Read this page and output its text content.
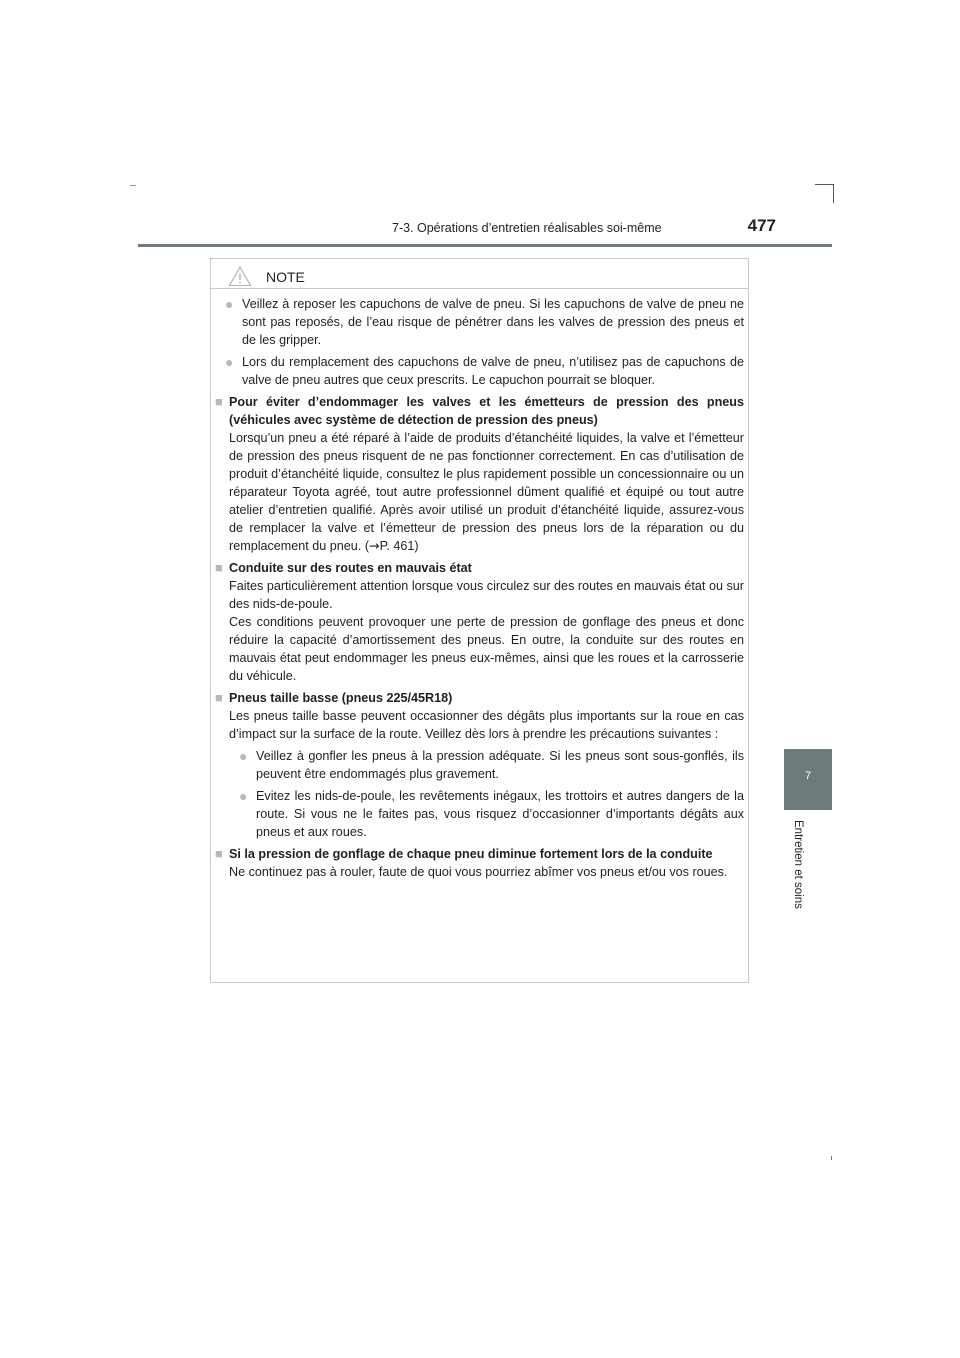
7-3. Opérations d’entretien réalisables soi-même	477
7
Entretien et soins
NOTE
● Veillez à reposer les capuchons de valve de pneu. Si les capuchons de valve de pneu ne sont pas reposés, de l’eau risque de pénétrer dans les valves de pression des pneus et de les gripper.

● Lors du remplacement des capuchons de valve de pneu, n’utilisez pas de capuchons de valve de pneu autres que ceux prescrits. Le capuchon pourrait se bloquer.

■ Pour éviter d’endommager les valves et les émetteurs de pression des pneus (véhicules avec système de détection de pression des pneus)

Lorsqu’un pneu a été réparé à l’aide de produits d’étanchéité liquides, la valve et l’émetteur de pression des pneus risquent de ne pas fonctionner correctement. En cas d’utilisation de produit d’étanchéité liquide, consultez le plus rapidement possible un concessionnaire ou un réparateur Toyota agréé, tout autre professionnel dûment qualifié et équipé ou tout autre atelier d’entretien qualifié. Après avoir utilisé un produit d’étanchéité liquide, assurez-vous de remplacer la valve et l’émetteur de pression des pneus lors de la réparation ou du remplacement du pneu. (→P. 461)

■ Conduite sur des routes en mauvais état

Faites particulièrement attention lorsque vous circulez sur des routes en mauvais état ou sur des nids-de-poule.

Ces conditions peuvent provoquer une perte de pression de gonflage des pneus et donc réduire la capacité d’amortissement des pneus. En outre, la conduite sur des routes en mauvais état peut endommager les pneus eux-mêmes, ainsi que les roues et la carrosserie du véhicule.

■ Pneus taille basse (pneus 225/45R18)

Les pneus taille basse peuvent occasionner des dégâts plus importants sur la roue en cas d’impact sur la surface de la route. Veillez dès lors à prendre les précautions suivantes :

● Veillez à gonfler les pneus à la pression adéquate. Si les pneus sont sous-gonflés, ils peuvent être endommagés plus gravement.

● Evitez les nids-de-poule, les revêtements inégaux, les trottoirs et autres dangers de la route. Si vous ne le faites pas, vous risquez d’occasionner d’importants dégâts aux pneus et aux roues.

■ Si la pression de gonflage de chaque pneu diminue fortement lors de la conduite

Ne continuez pas à rouler, faute de quoi vous pourriez abîmer vos pneus et/ou vos roues.
